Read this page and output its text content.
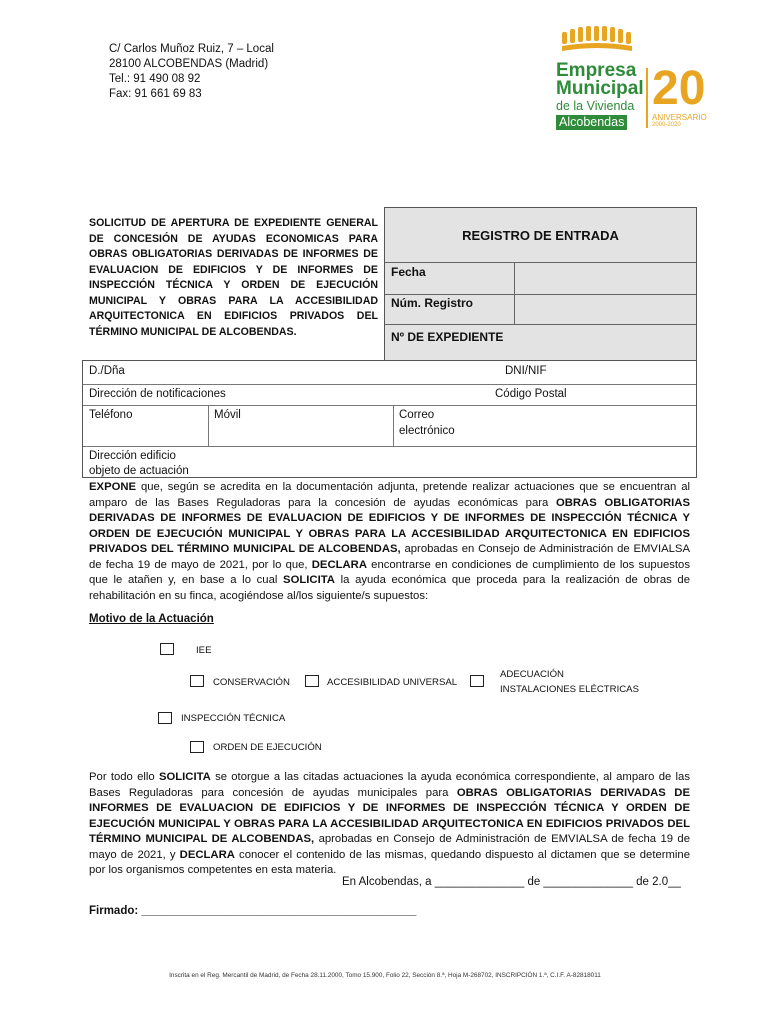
C/ Carlos Muñoz Ruiz, 7 – Local
28100 ALCOBENDAS (Madrid)
Tel.: 91 490 08 92
Fax: 91 661 69 83
Empresa
Municipal
de la Vivienda
Alcobendas
20
ANIVERSARIO
2000-2020
SOLICITUD DE APERTURA DE EXPEDIENTE GENERAL DE CONCESIÓN DE AYUDAS ECONOMICAS PARA OBRAS OBLIGATORIAS DERIVADAS DE INFORMES DE EVALUACION DE EDIFICIOS Y DE INFORMES DE INSPECCIÓN TÉCNICA Y ORDEN DE EJECUCIÓN MUNICIPAL Y OBRAS PARA LA ACCESIBILIDAD ARQUITECTONICA EN EDIFICIOS PRIVADOS DEL TÉRMINO MUNICIPAL DE ALCOBENDAS.
REGISTRO DE ENTRADA
Fecha
Núm. Registro
Nº DE EXPEDIENTE
D./Dña	DNI/NIF
Dirección de notificaciones	Código Postal
Teléfono	Móvil	Correo
electrónico
Dirección edificio
objeto de actuación
EXPONE que, según se acredita en la documentación adjunta, pretende realizar actuaciones que se encuentran al amparo de las Bases Reguladoras para la concesión de ayudas económicas para OBRAS OBLIGATORIAS DERIVADAS DE INFORMES DE EVALUACION DE EDIFICIOS Y DE INFORMES DE INSPECCIÓN TÉCNICA Y ORDEN DE EJECUCIÓN MUNICIPAL Y OBRAS PARA LA ACCESIBILIDAD ARQUITECTONICA EN EDIFICIOS PRIVADOS DEL TÉRMINO MUNICIPAL DE ALCOBENDAS, aprobadas en Consejo de Administración de EMVIALSA de fecha 19 de mayo de 2021, por lo que, DECLARA encontrarse en condiciones de cumplimiento de los supuestos que le atañen y, en base a lo cual SOLICITA la ayuda económica que proceda para la realización de obras de rehabilitación en su finca, acogiéndose al/los siguiente/s supuestos:
Motivo de la Actuación
IEE
CONSERVACIÓN	ACCESIBILIDAD UNIVERSAL
ADECUACIÓN
INSTALACIONES ELÉCTRICAS
INSPECCIÓN TÉCNICA
ORDEN DE EJECUCIÓN
Por todo ello SOLICITA se otorgue a las citadas actuaciones la ayuda económica correspondiente, al amparo de las Bases Reguladoras para concesión de ayudas municipales para OBRAS OBLIGATORIAS DERIVADAS DE INFORMES DE EVALUACION DE EDIFICIOS Y DE INFORMES DE INSPECCIÓN TÉCNICA Y ORDEN DE EJECUCIÓN MUNICIPAL Y OBRAS PARA LA ACCESIBILIDAD ARQUITECTONICA EN EDIFICIOS PRIVADOS DEL TÉRMINO MUNICIPAL DE ALCOBENDAS, aprobadas en Consejo de Administración de EMVIALSA de fecha 19 de mayo de 2021, y DECLARA conocer el contenido de las mismas, quedando dispuesto al dictamen que se determine por los organismos competentes en esta materia.
En Alcobendas, a ______________ de ______________ de 2.0__
Firmado: ___________________________________________
Inscrita en el Reg. Mercantil de Madrid, de Fecha 28.11.2000, Tomo 15.900, Folio 22, Sección 8.ª, Hoja M-268702, INSCRIPCIÓN 1.ª, C.I.F. A-82818011
